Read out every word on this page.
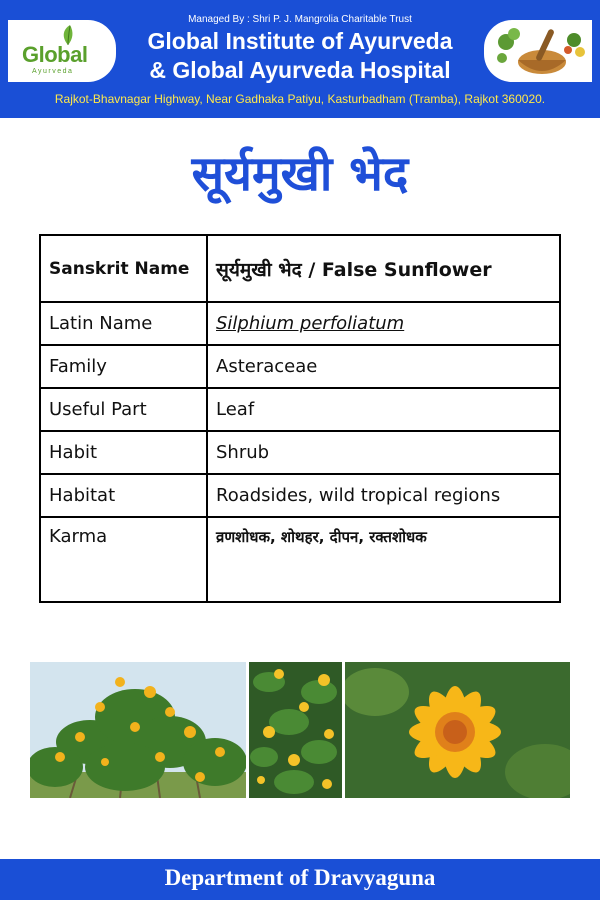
Global
Ayurveda
Managed By : Shri P. J. Mangrolia Charitable Trust
Global Institute of Ayurveda
& Global Ayurveda Hospital
Rajkot-Bhavnagar Highway, Near Gadhaka Patiyu, Kasturbadham (Tramba), Rajkot 360020.
सूर्यमुखी भेद
Sanskrit Name	सूर्यमुखी भेद / False Sunflower
Latin Name	Silphium perfoliatum
Family	Asteraceae
Useful Part	Leaf
Habit	Shrub
Habitat	Roadsides, wild tropical regions
Karma	व्रणशोधक, शोथहर, दीपन, रक्तशोधक
Department of Dravyaguna
